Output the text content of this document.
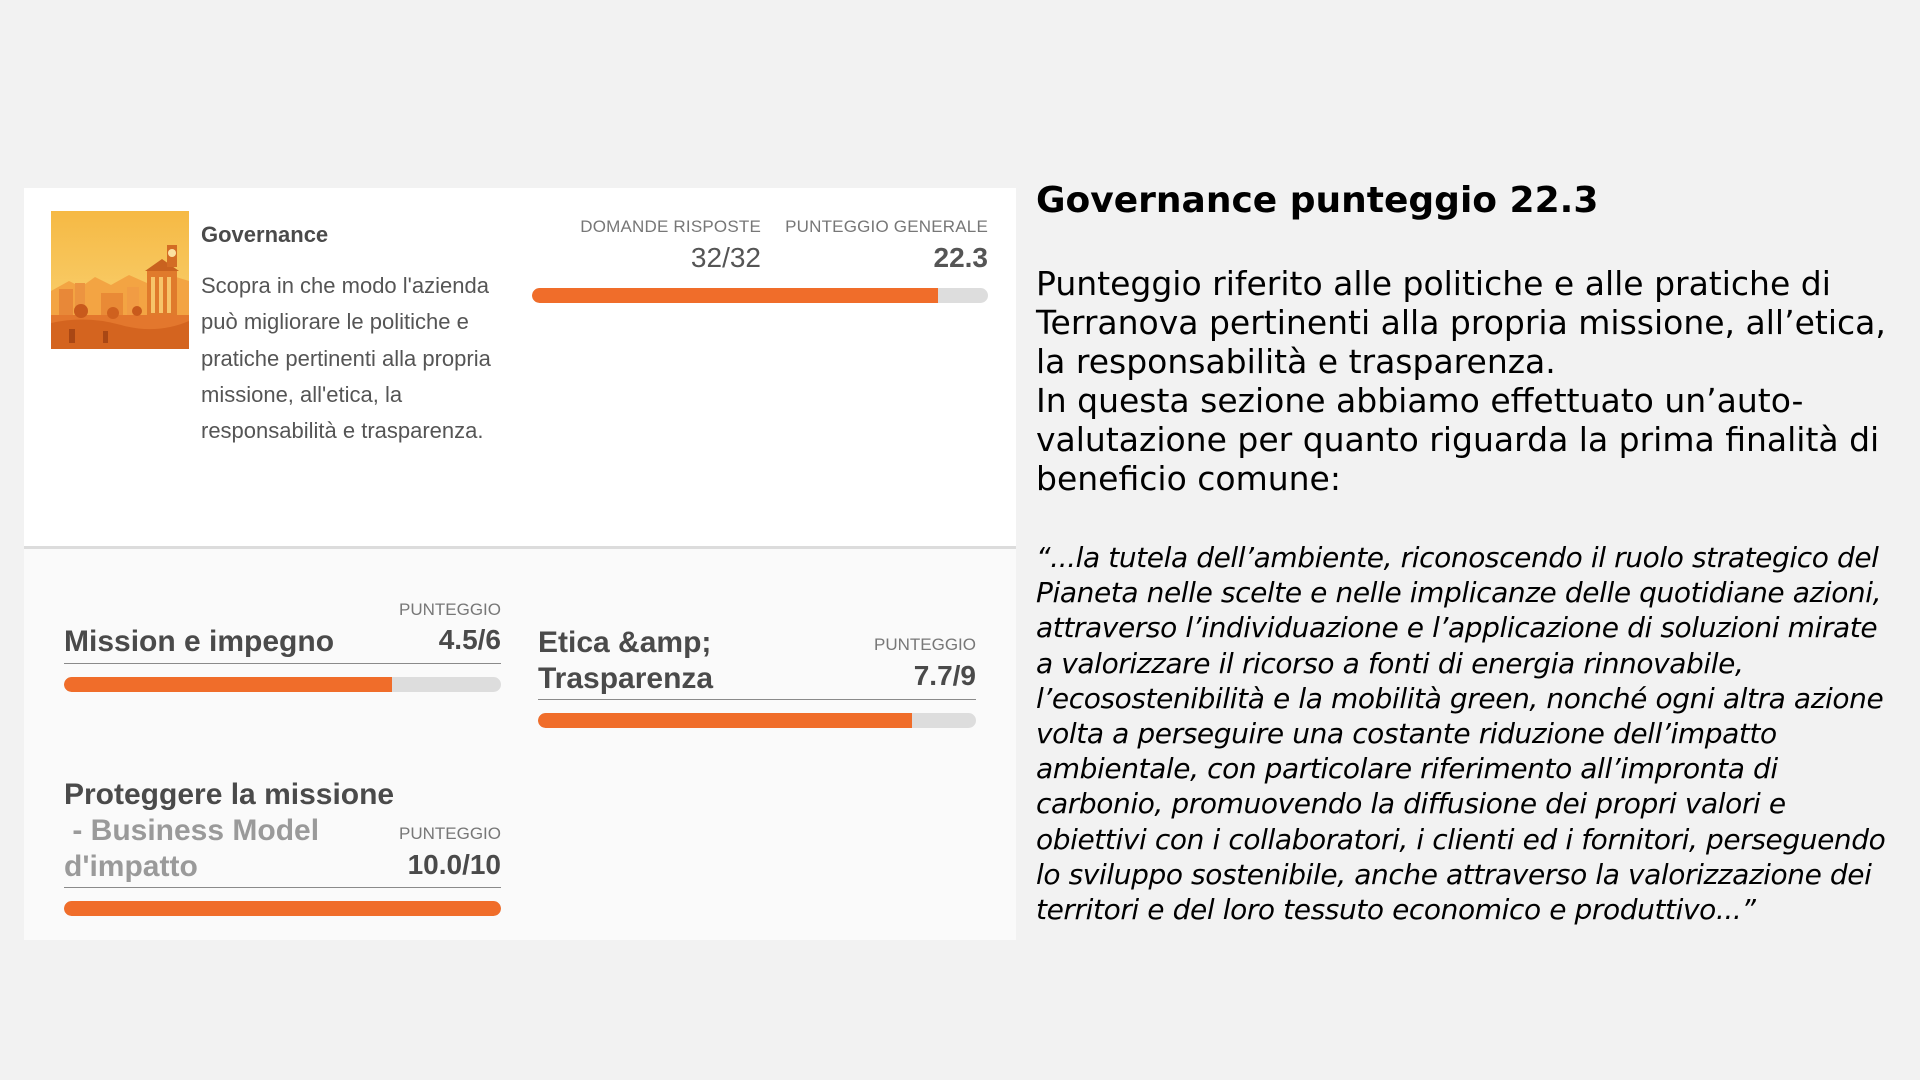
Governance

Scopra in che modo l'azienda può migliorare le politiche e pratiche pertinenti alla propria missione, all'etica, la responsabilità e trasparenza.

DOMANDE RISPOSTE
32/32
PUNTEGGIO GENERALE
22.3
PUNTEGGIO
Mission e impegno	4.5/6	PUNTEGGIO
Etica &amp;
Trasparenza	7.7/9
Proteggere la missione
- Business Model
d'impatto
PUNTEGGIO
10.0/10
Governance punteggio 22.3

Punteggio riferito alle politiche e alle pratiche di Terranova pertinenti alla propria missione, all’etica, la responsabilità e trasparenza.
In questa sezione abbiamo effettuato un’auto-valutazione per quanto riguarda la prima finalità di beneficio comune:

“...la tutela dell’ambiente, riconoscendo il ruolo strategico del Pianeta nelle scelte e nelle implicanze delle quotidiane azioni, attraverso l’individuazione e l’applicazione di soluzioni mirate a valorizzare il ricorso a fonti di energia rinnovabile, l’ecosostenibilità e la mobilità green, nonché ogni altra azione volta a perseguire una costante riduzione dell’impatto ambientale, con particolare riferimento all’impronta di carbonio, promuovendo la diffusione dei propri valori e obiettivi con i collaboratori, i clienti ed i fornitori, perseguendo lo sviluppo sostenibile, anche attraverso la valorizzazione dei territori e del loro tessuto economico e produttivo...”
